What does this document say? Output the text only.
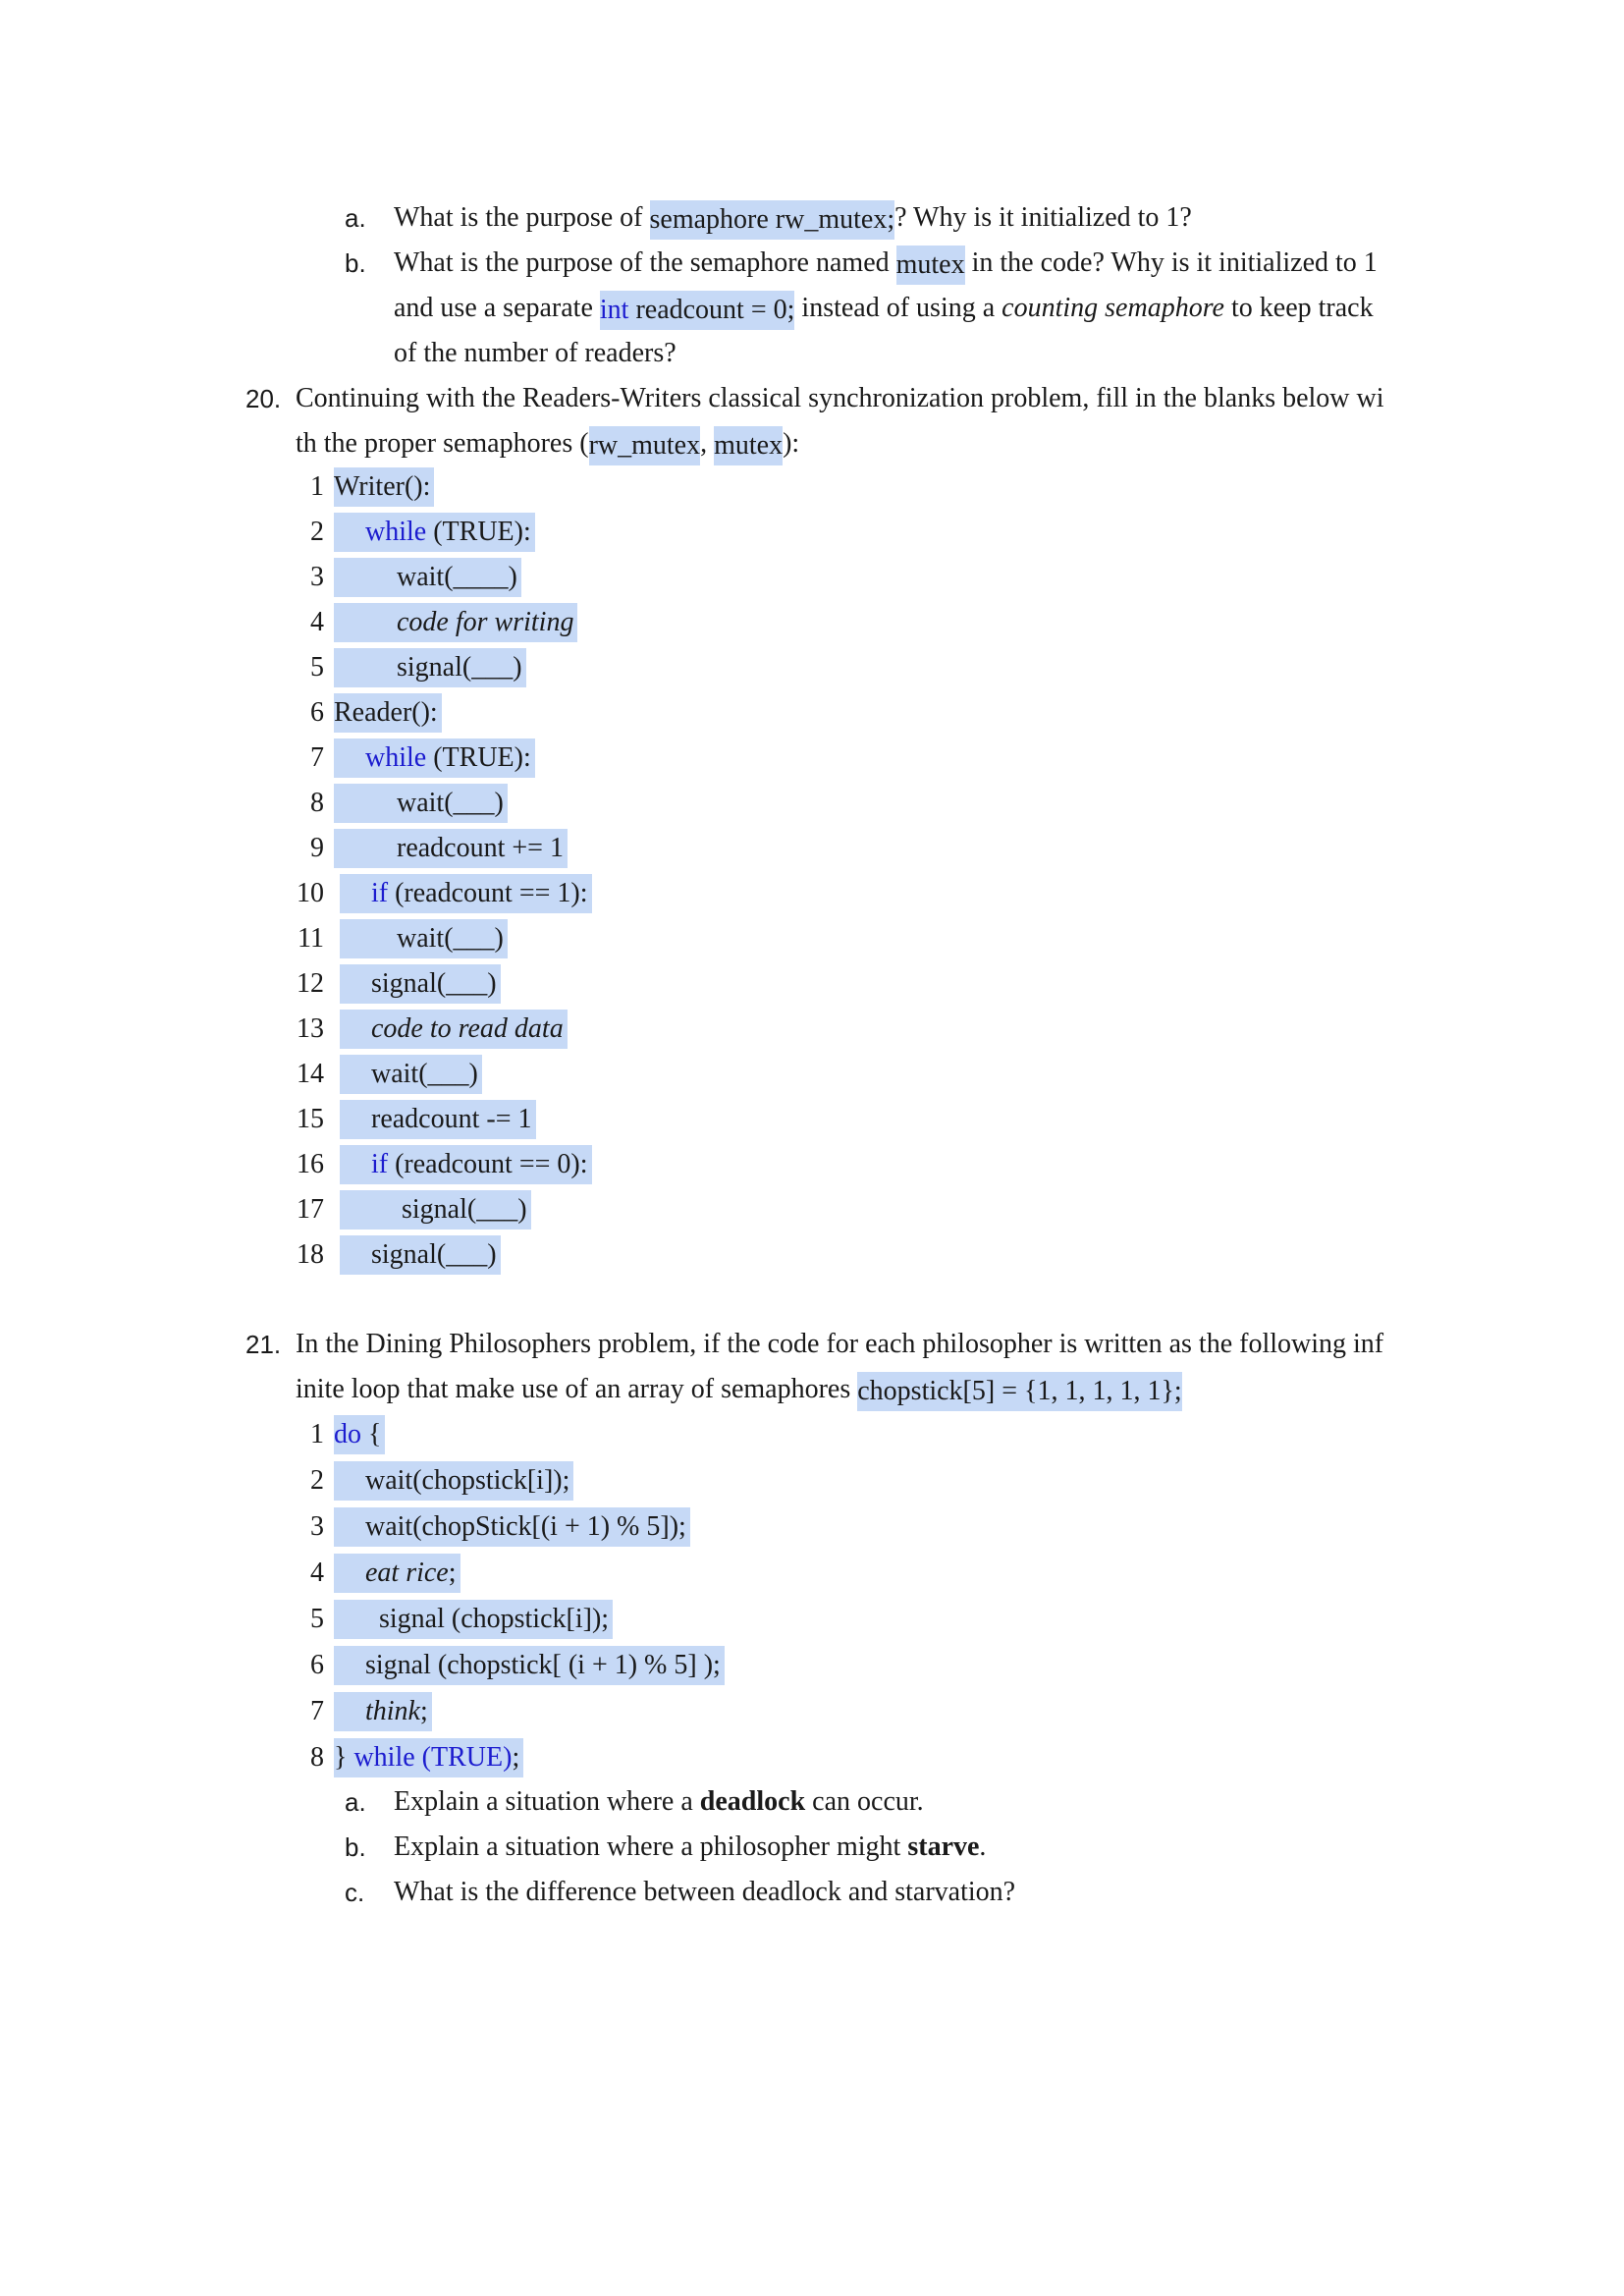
a. What is the purpose of semaphore rw_mutex;? Why is it initialized to 1?
b. What is the purpose of the semaphore named mutex in the code? Why is it initialized to 1
and use a separate int readcount = 0; instead of using a counting semaphore to keep track
of the number of readers?
20. Continuing with the Readers-Writers classical synchronization problem, fill in the blanks below wi
th the proper semaphores (rw_mutex, mutex):
1 Writer():
2	while (TRUE):
3	wait(____)
4	code for writing
5	signal(___)
6 Reader():
7	while (TRUE):
8	wait(___)
9	readcount += 1
10	if (readcount == 1):
11	wait(___)
12	signal(___)
13	code to read data
14	wait(___)
15	readcount -= 1
16	if (readcount == 0):
17	signal(___)
18	signal(___)
21. In the Dining Philosophers problem, if the code for each philosopher is written as the following inf
inite loop that make use of an array of semaphores chopstick[5] = {1, 1, 1, 1, 1};
1 do {
2	wait(chopstick[i]);
3	wait(chopStick[(i + 1) % 5]);
4	eat rice;
5	signal (chopstick[i]);
6	signal (chopstick[ (i + 1) % 5] );
7	think;
8 } while (TRUE);
a. Explain a situation where a deadlock can occur.
b. Explain a situation where a philosopher might starve.
c. What is the difference between deadlock and starvation?
